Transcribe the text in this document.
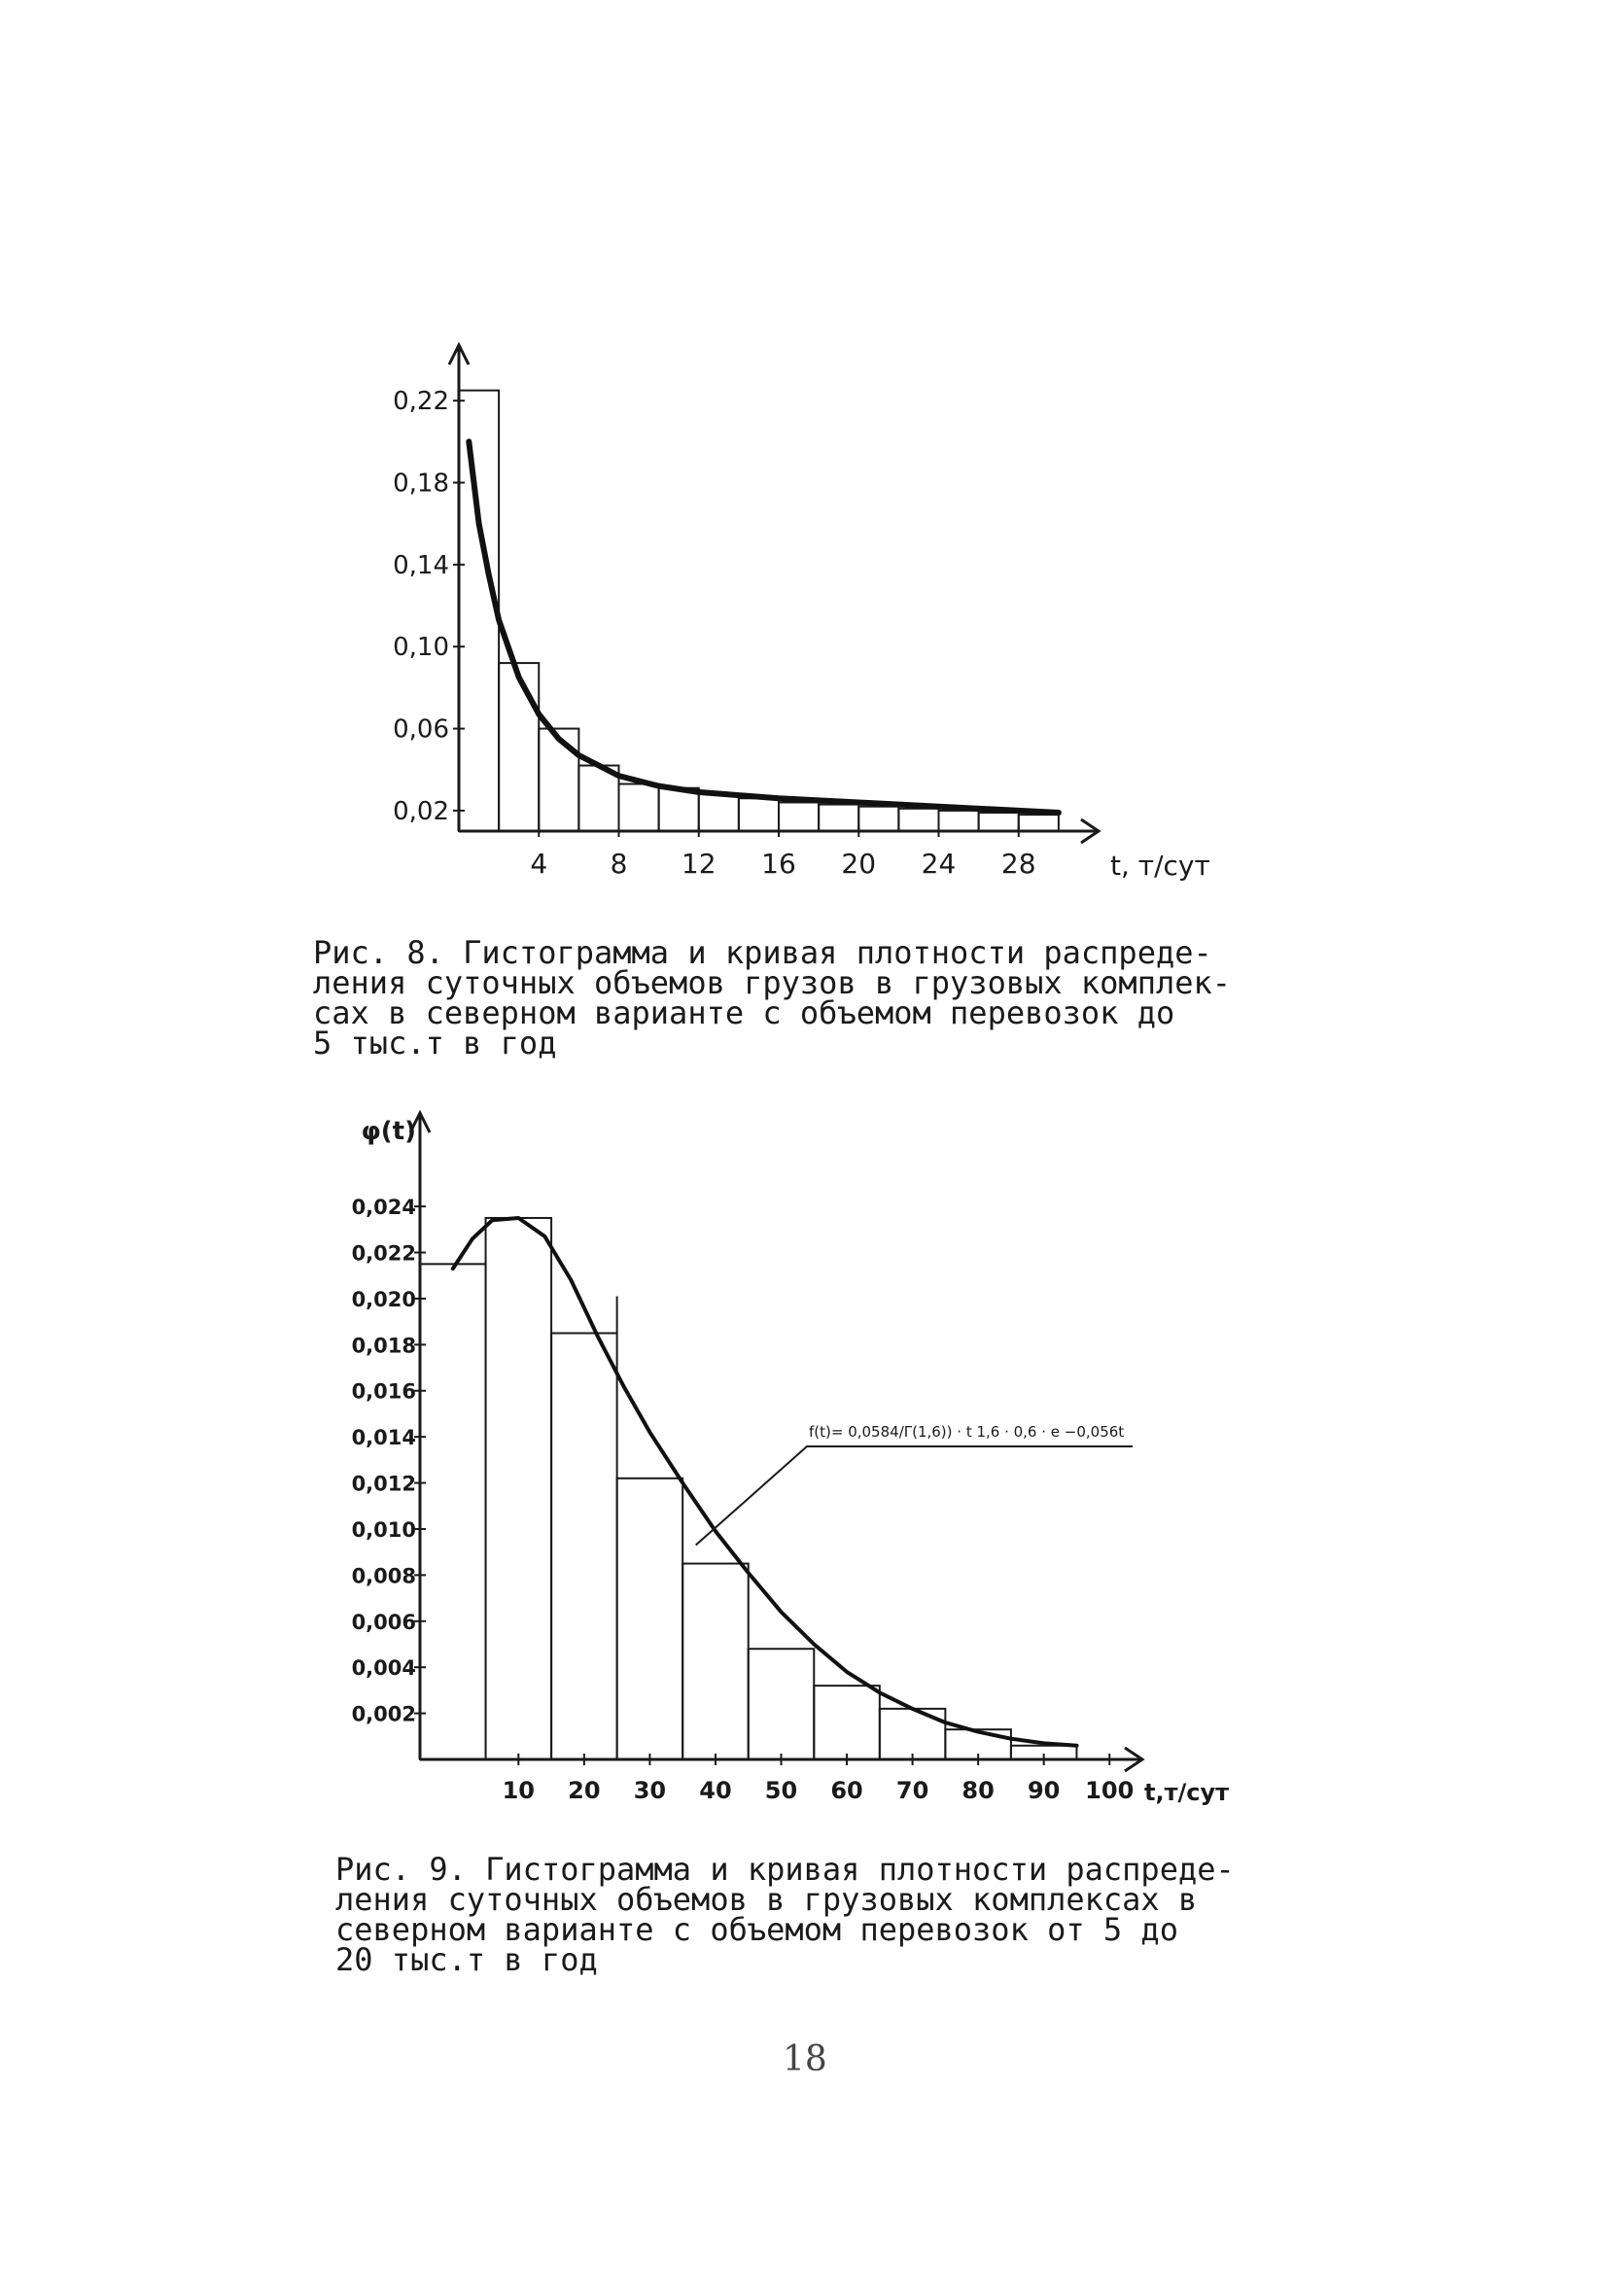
0,22
0,18
0,14
0,10
0,06
0,02
4 8 12 16 20 24 28	t, т/сут

Рис. 8. Гистограмма и кривая плотности распреде-
ления суточных объемов грузов в грузовых комплек-
сах в северном варианте с объемом перевозок до
5 тыс.т в год

0,024
0,022
0,020
0,018
0,016
0,014
0,012
0,010
0,008
0,006
0,004
0,002
φ(t)
10 20 30 40 50 60 70 80 90 100 t,т/сут
f(t)= 0,0584/Γ(1,6)) · t 1,6 · 0,6 · e −0,056t

Рис. 9. Гистограмма и кривая плотности распреде-
ления суточных объемов в грузовых комплексах в
северном варианте с объемом перевозок от 5 до
20 тыс.т в год

18
